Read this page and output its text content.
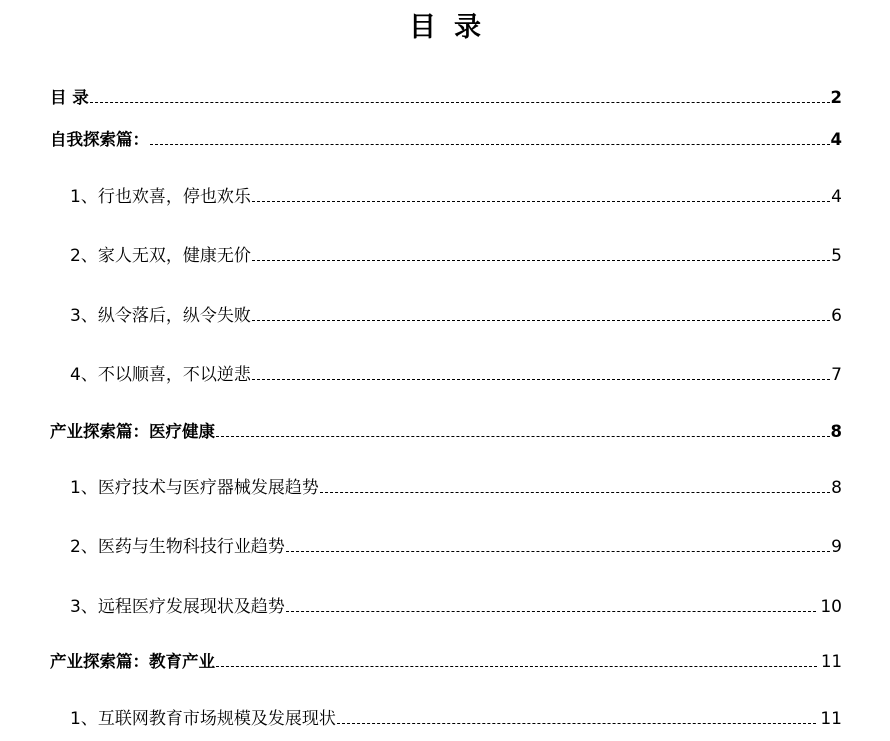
目录
目 录	2
自我探索篇：	4
1、行也欢喜，停也欢乐	4
2、家人无双，健康无价	5
3、纵令落后，纵令失败	6
4、不以顺喜，不以逆悲	7
产业探索篇：医疗健康	8
1、医疗技术与医疗器械发展趋势	8
2、医药与生物科技行业趋势	9
3、远程医疗发展现状及趋势	10
产业探索篇：教育产业	11
1、互联网教育市场规模及发展现状	11
